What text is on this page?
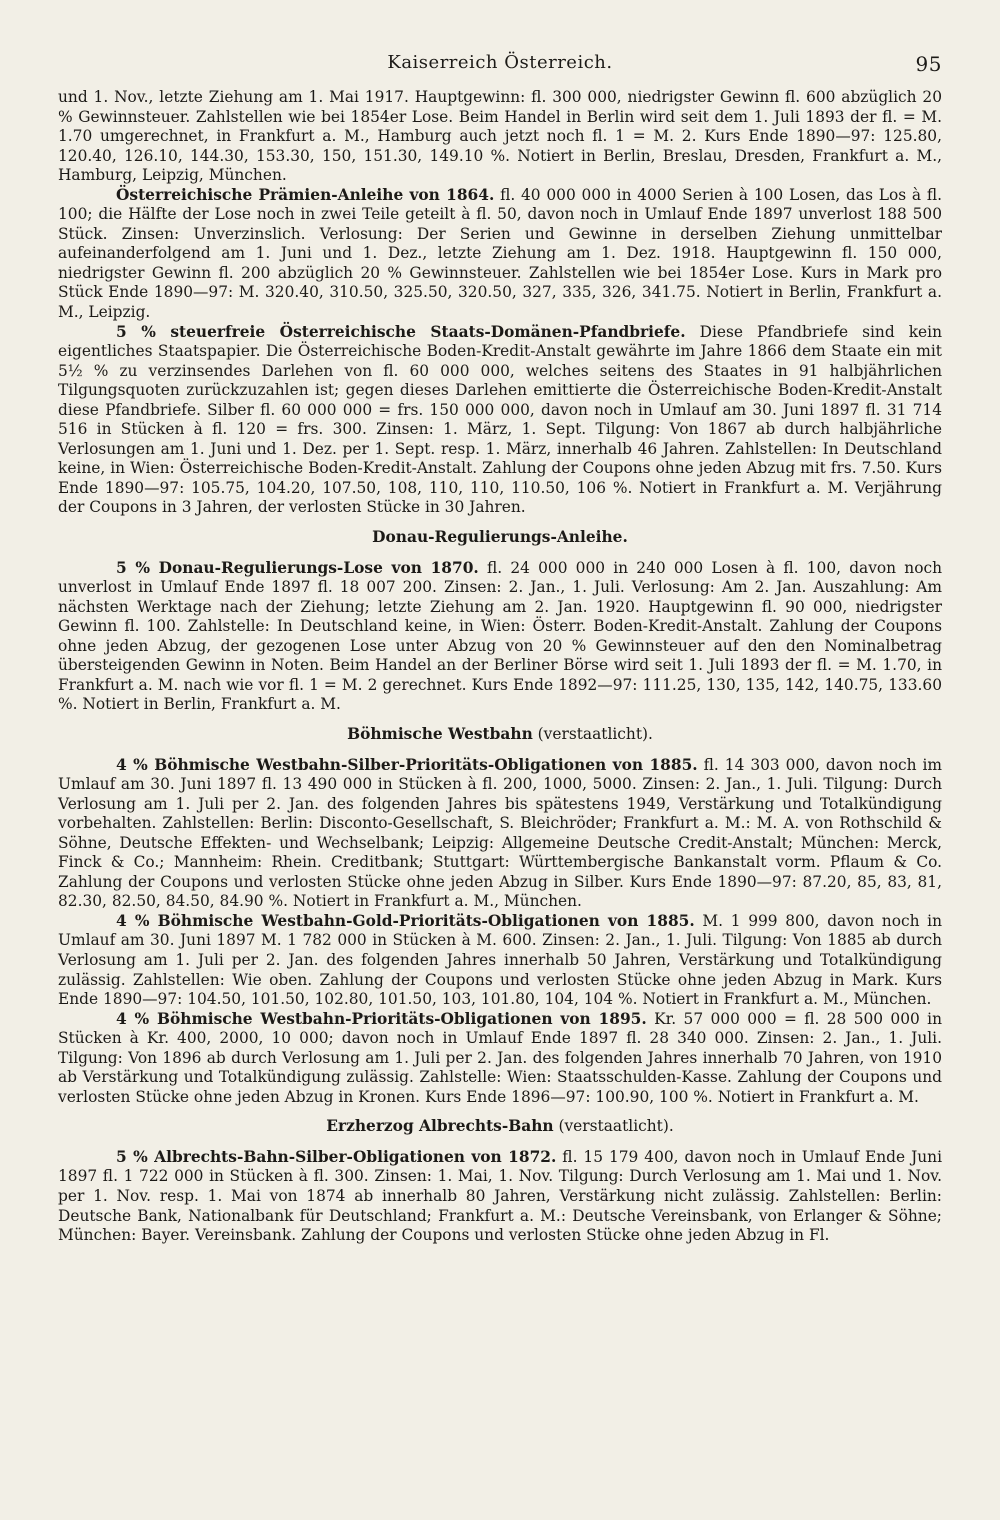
Kaiserreich Österreich.	95

und 1. Nov., letzte Ziehung am 1. Mai 1917. Hauptgewinn: fl. 300 000, niedrigster Gewinn fl. 600 abzüglich 20 % Gewinnsteuer. Zahlstellen wie bei 1854er Lose. Beim Handel in Berlin wird seit dem 1. Juli 1893 der fl. = M. 1.70 umgerechnet, in Frankfurt a. M., Hamburg auch jetzt noch fl. 1 = M. 2. Kurs Ende 1890—97: 125.80, 120.40, 126.10, 144.30, 153.30, 150, 151.30, 149.10 %. Notiert in Berlin, Breslau, Dresden, Frankfurt a. M., Hamburg, Leipzig, München.

Österreichische Prämien-Anleihe von 1864. fl. 40 000 000 in 4000 Serien à 100 Losen, das Los à fl. 100; die Hälfte der Lose noch in zwei Teile geteilt à fl. 50, davon noch in Umlauf Ende 1897 unverlost 188 500 Stück. Zinsen: Unverzinslich. Verlosung: Der Serien und Gewinne in derselben Ziehung unmittelbar aufeinanderfolgend am 1. Juni und 1. Dez., letzte Ziehung am 1. Dez. 1918. Hauptgewinn fl. 150 000, niedrigster Gewinn fl. 200 abzüglich 20 % Gewinnsteuer. Zahlstellen wie bei 1854er Lose. Kurs in Mark pro Stück Ende 1890—97: M. 320.40, 310.50, 325.50, 320.50, 327, 335, 326, 341.75. Notiert in Berlin, Frankfurt a. M., Leipzig.

5 % steuerfreie Österreichische Staats-Domänen-Pfandbriefe. Diese Pfandbriefe sind kein eigentliches Staatspapier. Die Österreichische Boden-Kredit-Anstalt gewährte im Jahre 1866 dem Staate ein mit 5½ % zu verzinsendes Darlehen von fl. 60 000 000, welches seitens des Staates in 91 halbjährlichen Tilgungsquoten zurückzuzahlen ist; gegen dieses Darlehen emittierte die Österreichische Boden-Kredit-Anstalt diese Pfandbriefe. Silber fl. 60 000 000 = frs. 150 000 000, davon noch in Umlauf am 30. Juni 1897 fl. 31 714 516 in Stücken à fl. 120 = frs. 300. Zinsen: 1. März, 1. Sept. Tilgung: Von 1867 ab durch halbjährliche Verlosungen am 1. Juni und 1. Dez. per 1. Sept. resp. 1. März, innerhalb 46 Jahren. Zahlstellen: In Deutschland keine, in Wien: Österreichische Boden-Kredit-Anstalt. Zahlung der Coupons ohne jeden Abzug mit frs. 7.50. Kurs Ende 1890—97: 105.75, 104.20, 107.50, 108, 110, 110, 110.50, 106 %. Notiert in Frankfurt a. M. Verjährung der Coupons in 3 Jahren, der verlosten Stücke in 30 Jahren.

Donau-Regulierungs-Anleihe.

5 % Donau-Regulierungs-Lose von 1870. fl. 24 000 000 in 240 000 Losen à fl. 100, davon noch unverlost in Umlauf Ende 1897 fl. 18 007 200. Zinsen: 2. Jan., 1. Juli. Verlosung: Am 2. Jan. Auszahlung: Am nächsten Werktage nach der Ziehung; letzte Ziehung am 2. Jan. 1920. Hauptgewinn fl. 90 000, niedrigster Gewinn fl. 100. Zahlstelle: In Deutschland keine, in Wien: Österr. Boden-Kredit-Anstalt. Zahlung der Coupons ohne jeden Abzug, der gezogenen Lose unter Abzug von 20 % Gewinnsteuer auf den den Nominalbetrag übersteigenden Gewinn in Noten. Beim Handel an der Berliner Börse wird seit 1. Juli 1893 der fl. = M. 1.70, in Frankfurt a. M. nach wie vor fl. 1 = M. 2 gerechnet. Kurs Ende 1892—97: 111.25, 130, 135, 142, 140.75, 133.60 %. Notiert in Berlin, Frankfurt a. M.

Böhmische Westbahn (verstaatlicht).

4 % Böhmische Westbahn-Silber-Prioritäts-Obligationen von 1885. fl. 14 303 000, davon noch im Umlauf am 30. Juni 1897 fl. 13 490 000 in Stücken à fl. 200, 1000, 5000. Zinsen: 2. Jan., 1. Juli. Tilgung: Durch Verlosung am 1. Juli per 2. Jan. des folgenden Jahres bis spätestens 1949, Verstärkung und Totalkündigung vorbehalten. Zahlstellen: Berlin: Disconto-Gesellschaft, S. Bleichröder; Frankfurt a. M.: M. A. von Rothschild & Söhne, Deutsche Effekten- und Wechselbank; Leipzig: Allgemeine Deutsche Credit-Anstalt; München: Merck, Finck & Co.; Mannheim: Rhein. Creditbank; Stuttgart: Württembergische Bankanstalt vorm. Pflaum & Co. Zahlung der Coupons und verlosten Stücke ohne jeden Abzug in Silber. Kurs Ende 1890—97: 87.20, 85, 83, 81, 82.30, 82.50, 84.50, 84.90 %. Notiert in Frankfurt a. M., München.

4 % Böhmische Westbahn-Gold-Prioritäts-Obligationen von 1885. M. 1 999 800, davon noch in Umlauf am 30. Juni 1897 M. 1 782 000 in Stücken à M. 600. Zinsen: 2. Jan., 1. Juli. Tilgung: Von 1885 ab durch Verlosung am 1. Juli per 2. Jan. des folgenden Jahres innerhalb 50 Jahren, Verstärkung und Totalkündigung zulässig. Zahlstellen: Wie oben. Zahlung der Coupons und verlosten Stücke ohne jeden Abzug in Mark. Kurs Ende 1890—97: 104.50, 101.50, 102.80, 101.50, 103, 101.80, 104, 104 %. Notiert in Frankfurt a. M., München.

4 % Böhmische Westbahn-Prioritäts-Obligationen von 1895. Kr. 57 000 000 = fl. 28 500 000 in Stücken à Kr. 400, 2000, 10 000; davon noch in Umlauf Ende 1897 fl. 28 340 000. Zinsen: 2. Jan., 1. Juli. Tilgung: Von 1896 ab durch Verlosung am 1. Juli per 2. Jan. des folgenden Jahres innerhalb 70 Jahren, von 1910 ab Verstärkung und Totalkündigung zulässig. Zahlstelle: Wien: Staatsschulden-Kasse. Zahlung der Coupons und verlosten Stücke ohne jeden Abzug in Kronen. Kurs Ende 1896—97: 100.90, 100 %. Notiert in Frankfurt a. M.

Erzherzog Albrechts-Bahn (verstaatlicht).

5 % Albrechts-Bahn-Silber-Obligationen von 1872. fl. 15 179 400, davon noch in Umlauf Ende Juni 1897 fl. 1 722 000 in Stücken à fl. 300. Zinsen: 1. Mai, 1. Nov. Tilgung: Durch Verlosung am 1. Mai und 1. Nov. per 1. Nov. resp. 1. Mai von 1874 ab innerhalb 80 Jahren, Verstärkung nicht zulässig. Zahlstellen: Berlin: Deutsche Bank, Nationalbank für Deutschland; Frankfurt a. M.: Deutsche Vereinsbank, von Erlanger & Söhne; München: Bayer. Vereinsbank. Zahlung der Coupons und verlosten Stücke ohne jeden Abzug in Fl.
